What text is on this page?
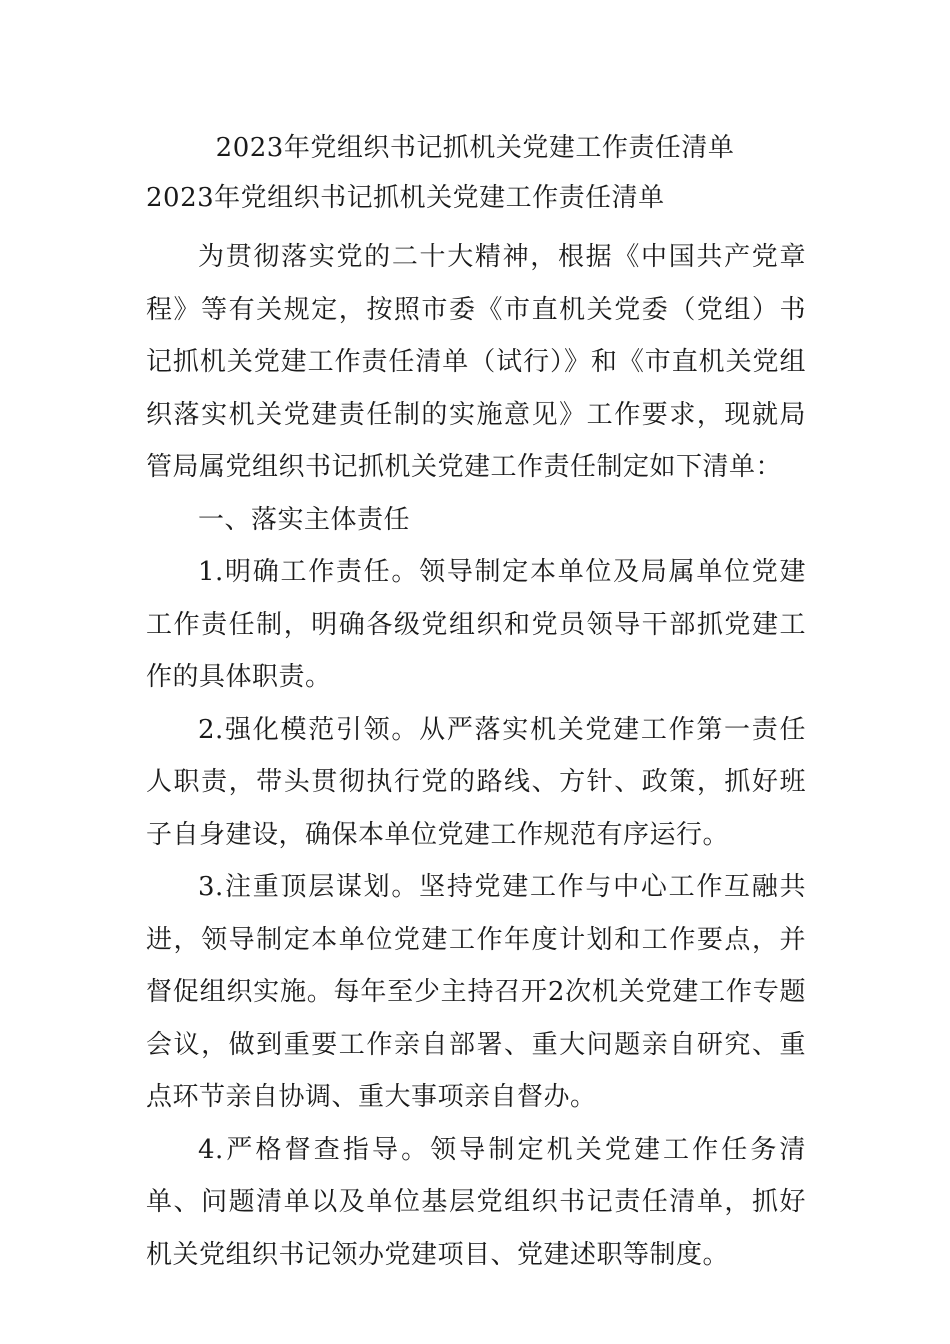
2023年党组织书记抓机关党建工作责任清单
2023年党组织书记抓机关党建工作责任清单

为贯彻落实党的二十大精神，根据《中国共产党章程》等有关规定，按照市委《市直机关党委（党组）书记抓机关党建工作责任清单（试行）》和《市直机关党组织落实机关党建责任制的实施意见》工作要求，现就局管局属党组织书记抓机关党建工作责任制定如下清单：

一、落实主体责任

1.明确工作责任。领导制定本单位及局属单位党建工作责任制，明确各级党组织和党员领导干部抓党建工作的具体职责。

2.强化模范引领。从严落实机关党建工作第一责任人职责，带头贯彻执行党的路线、方针、政策，抓好班子自身建设，确保本单位党建工作规范有序运行。

3.注重顶层谋划。坚持党建工作与中心工作互融共进，领导制定本单位党建工作年度计划和工作要点，并督促组织实施。每年至少主持召开2次机关党建工作专题会议，做到重要工作亲自部署、重大问题亲自研究、重点环节亲自协调、重大事项亲自督办。

4.严格督查指导。领导制定机关党建工作任务清单、问题清单以及单位基层党组织书记责任清单，抓好机关党组织书记领办党建项目、党建述职等制度。
